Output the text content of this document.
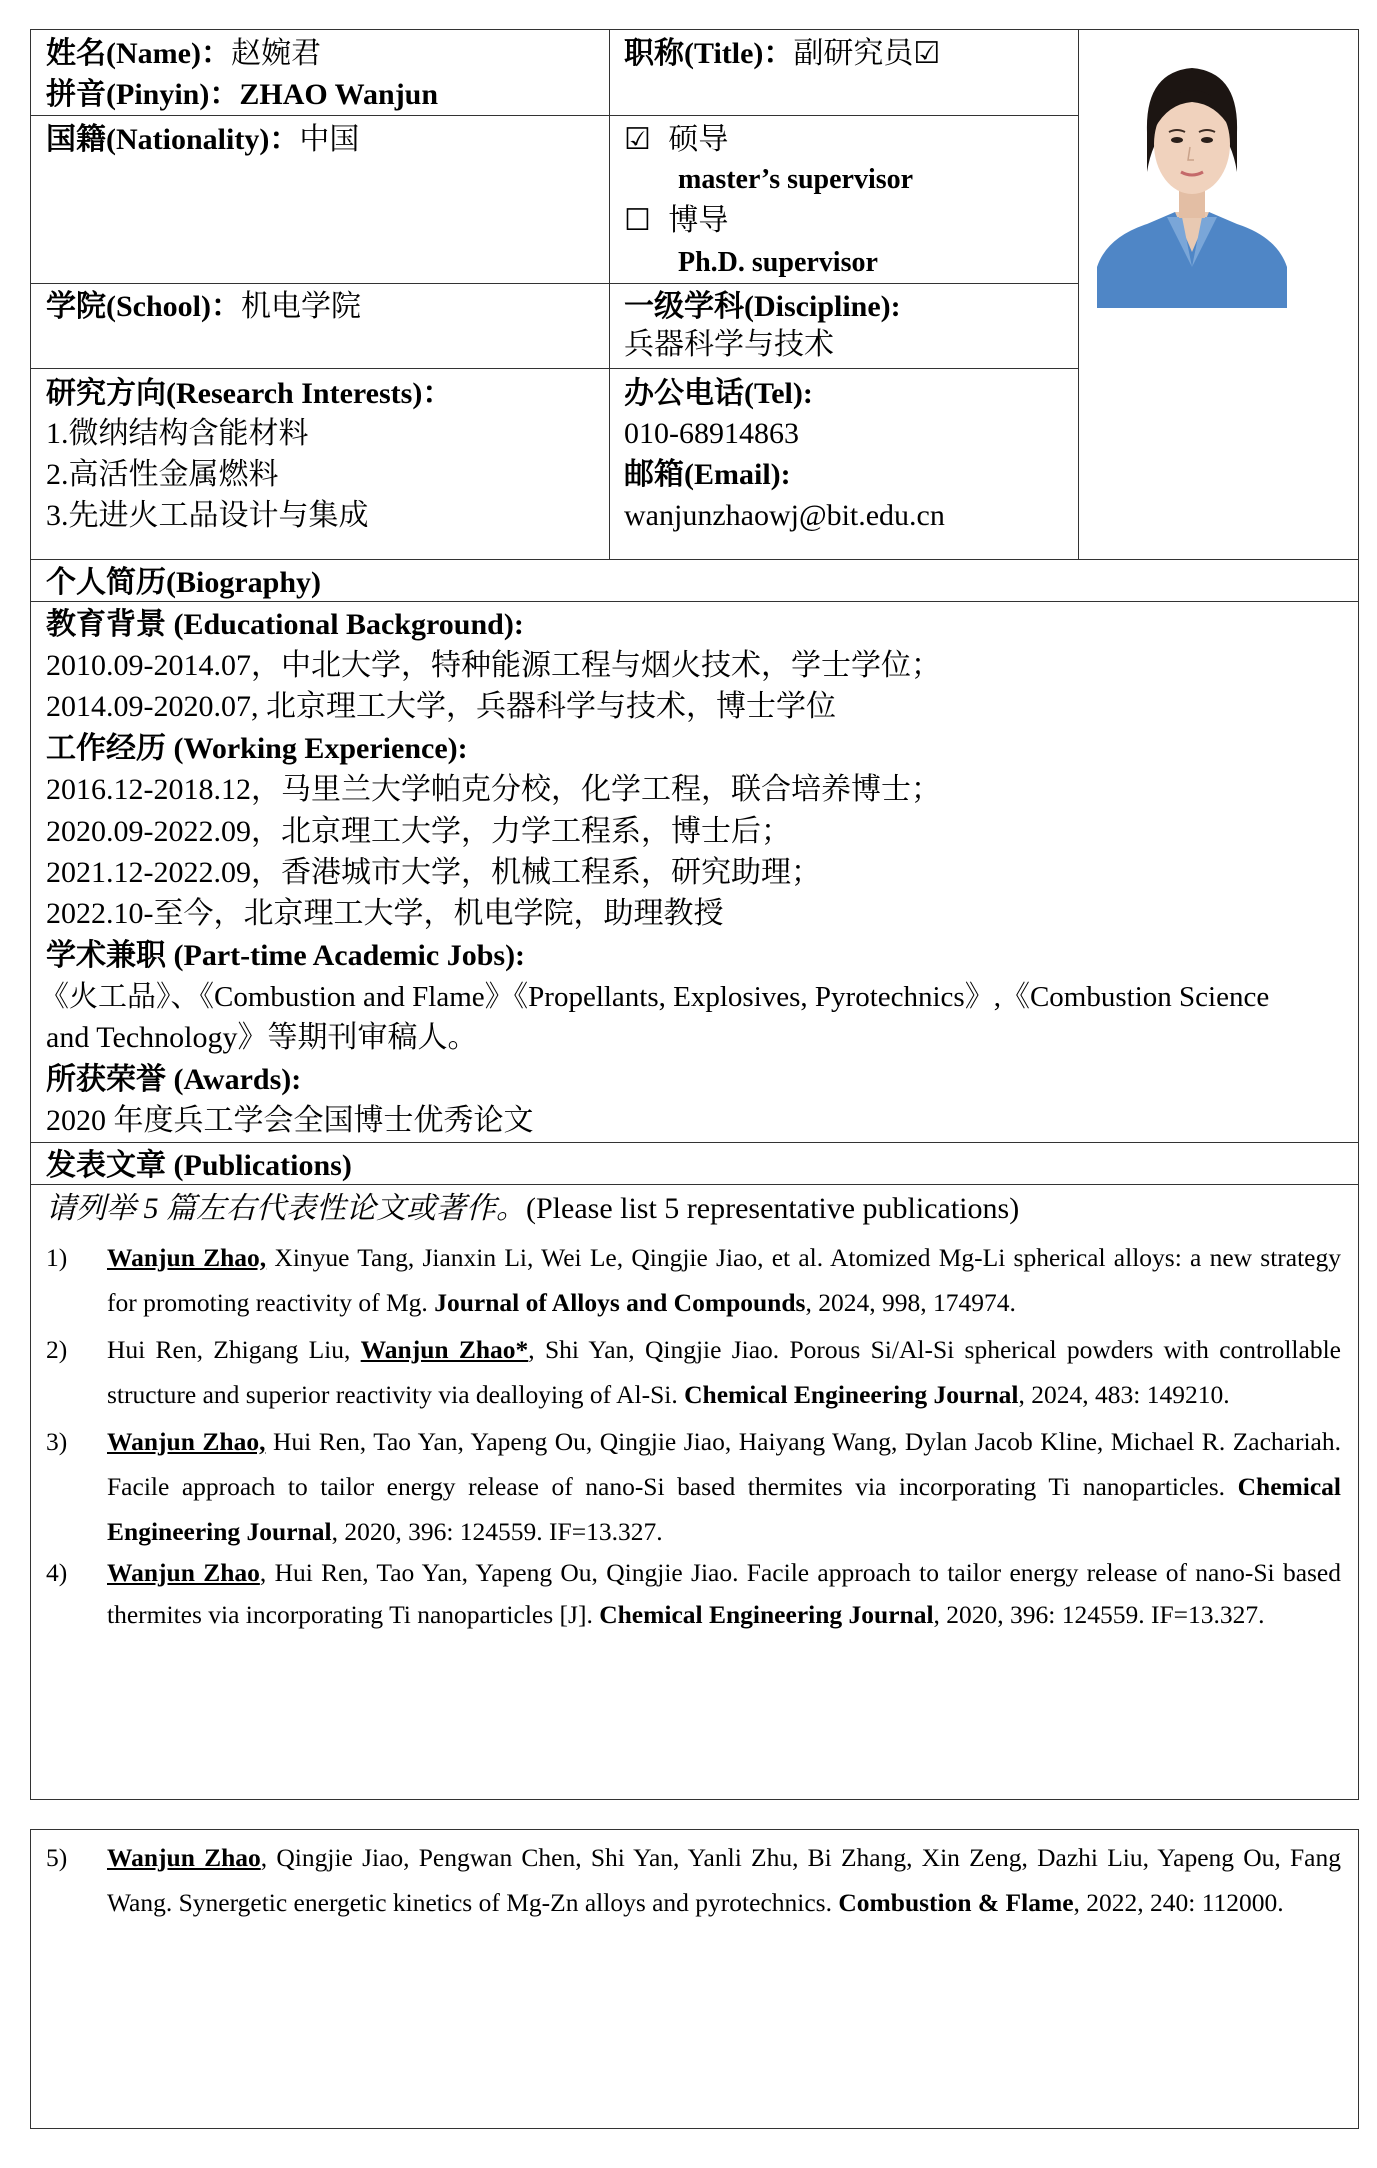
姓名(Name)：赵婉君
拼音(Pinyin)：ZHAO Wanjun
职称(Title)：副研究员☑
国籍(Nationality)：中国	☑ 硕导
master’s supervisor
☐ 博导
Ph.D. supervisor
学院(School)：机电学院	一级学科(Discipline):
兵器科学与技术
研究方向(Research Interests)：
1.微纳结构含能材料
2.高活性金属燃料
3.先进火工品设计与集成
办公电话(Tel):
010-68914863
邮箱(Email):
wanjunzhaowj@bit.edu.cn
个人简历(Biography)
教育背景 (Educational Background):
2010.09-2014.07，中北大学，特种能源工程与烟火技术，学士学位；
2014.09-2020.07, 北京理工大学，兵器科学与技术，博士学位
工作经历 (Working Experience):
2016.12-2018.12，马里兰大学帕克分校，化学工程，联合培养博士；
2020.09-2022.09，北京理工大学，力学工程系，博士后；
2021.12-2022.09，香港城市大学，机械工程系，研究助理；
2022.10-至今，北京理工大学，机电学院，助理教授
学术兼职 (Part-time Academic Jobs):
《火工品》、《Combustion and Flame》《Propellants, Explosives, Pyrotechnics》,《Combustion Science
and Technology》等期刊审稿人。
所获荣誉 (Awards):
2020 年度兵工学会全国博士优秀论文
发表文章 (Publications)
请列举 5 篇左右代表性论文或著作。(Please list 5 representative publications)
1) Wanjun Zhao, Xinyue Tang, Jianxin Li, Wei Le, Qingjie Jiao, et al. Atomized Mg-Li spherical alloys: a new strategy for promoting reactivity of Mg. Journal of Alloys and Compounds, 2024, 998, 174974.
2) Hui Ren, Zhigang Liu, Wanjun Zhao*, Shi Yan, Qingjie Jiao. Porous Si/Al-Si spherical powders with controllable structure and superior reactivity via dealloying of Al-Si. Chemical Engineering Journal, 2024, 483: 149210.
3) Wanjun Zhao, Hui Ren, Tao Yan, Yapeng Ou, Qingjie Jiao, Haiyang Wang, Dylan Jacob Kline, Michael R. Zachariah. Facile approach to tailor energy release of nano-Si based thermites via incorporating Ti nanoparticles. Chemical Engineering Journal, 2020, 396: 124559. IF=13.327.
4) Wanjun Zhao, Hui Ren, Tao Yan, Yapeng Ou, Qingjie Jiao. Facile approach to tailor energy release of nano-Si based thermites via incorporating Ti nanoparticles [J]. Chemical Engineering Journal, 2020, 396: 124559. IF=13.327.
5) Wanjun Zhao, Qingjie Jiao, Pengwan Chen, Shi Yan, Yanli Zhu, Bi Zhang, Xin Zeng, Dazhi Liu, Yapeng Ou, Fang Wang. Synergetic energetic kinetics of Mg-Zn alloys and pyrotechnics. Combustion & Flame, 2022, 240: 112000.
